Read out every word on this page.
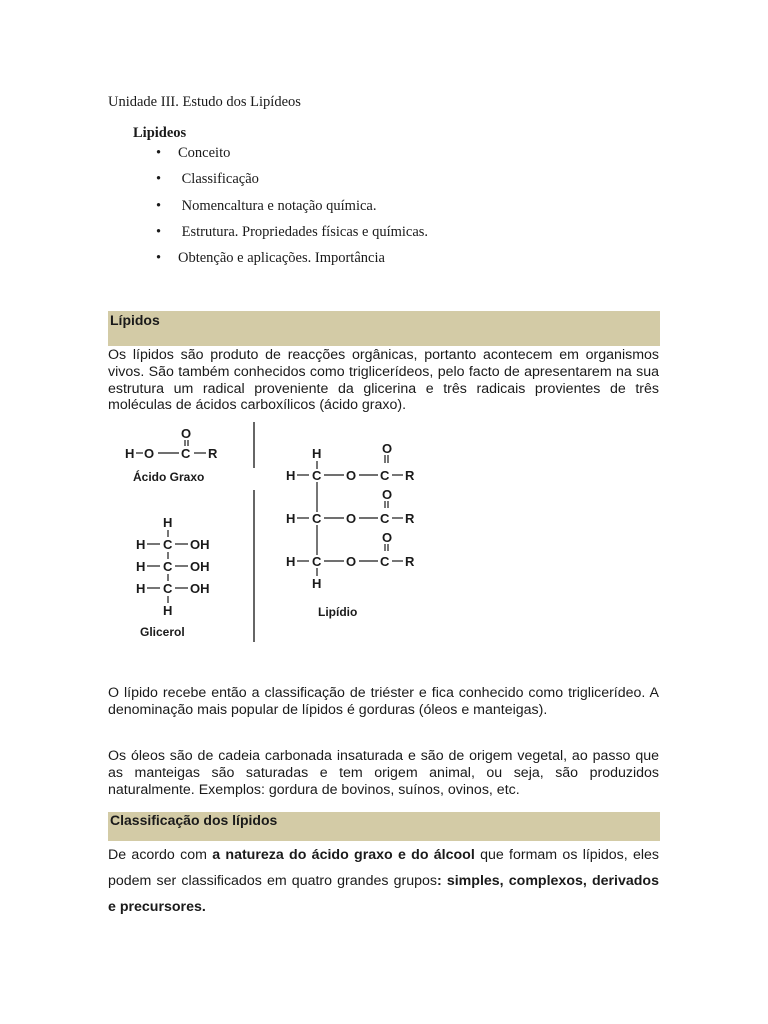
Unidade III. Estudo dos Lipídeos
Lipideos
• Conceito
• Classificação
• Nomencaltura e notação química.
• Estrutura. Propriedades físicas e químicas.
• Obtenção e aplicações. Importância
Lípidos

Os lípidos são produto de reacções orgânicas, portanto acontecem em organismos vivos. São também conhecidos como triglicerídeos, pelo facto de apresentarem na sua estrutura um radical proveniente da glicerina e três radicais provientes de três moléculas de ácidos carboxílicos (ácido graxo).

O
H O C R
Ácido Graxo
H
H C OH
H C OH
H C OH
H
Glicerol
H
H
O
H C O C R
O
H C O C R
O
H C O C R
Lipídio

O lípido recebe então a classificação de triéster e fica conhecido como triglicerídeo. A denominação mais popular de lípidos é gorduras (óleos e manteigas).

Os óleos são de cadeia carbonada insaturada e são de origem vegetal, ao passo que as manteigas são saturadas e tem origem animal, ou seja, são produzidos naturalmente. Exemplos: gordura de bovinos, suínos, ovinos, etc.

Classificação dos lípidos

De acordo com a natureza do ácido graxo e do álcool que formam os lípidos, eles podem ser classificados em quatro grandes grupos: simples, complexos, derivados e precursores.
